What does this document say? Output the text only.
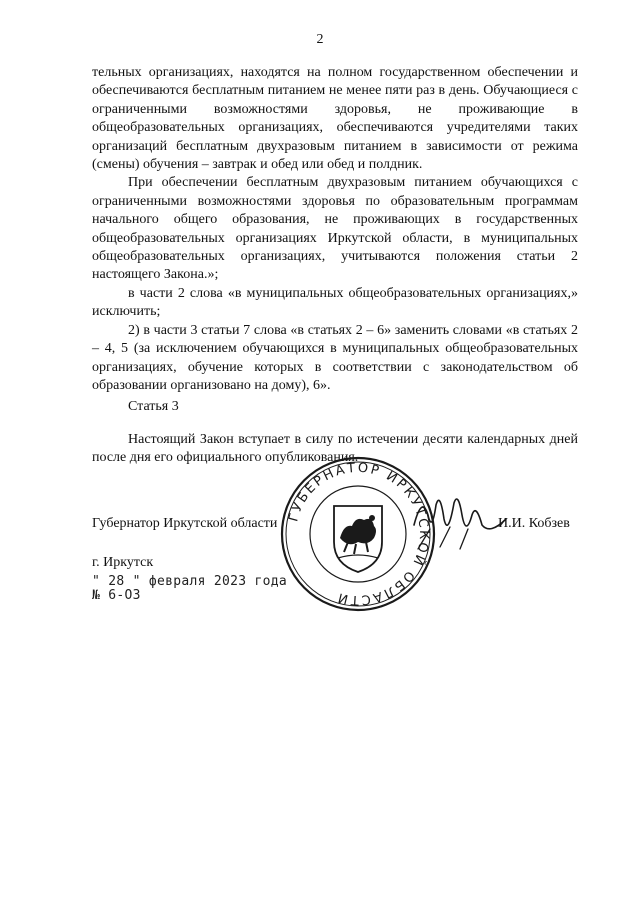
2

тельных организациях, находятся на полном государственном обеспечении и обеспечиваются бесплатным питанием не менее пяти раз в день. Обучающиеся с ограниченными возможностями здоровья, не проживающие в общеобразовательных организациях, обеспечиваются учредителями таких организаций бесплатным двухразовым питанием в зависимости от режима (смены) обучения – завтрак и обед или обед и полдник.

При обеспечении бесплатным двухразовым питанием обучающихся с ограниченными возможностями здоровья по образовательным программам начального общего образования, не проживающих в государственных общеобразовательных организациях Иркутской области, в муниципальных общеобразовательных организациях, учитываются положения статьи 2 настоящего Закона.»;

в части 2 слова «в муниципальных общеобразовательных организациях,» исключить;

2) в части 3 статьи 7 слова «в статьях 2 – 6» заменить словами «в статьях 2 – 4, 5 (за исключением обучающихся в муниципальных общеобразовательных организациях, обучение которых в соответствии с законодательством об образовании организовано на дому), 6».

Статья 3

Настоящий Закон вступает в силу по истечении десяти календарных дней после дня его официального опубликования.

ГУБЕРНАТОР ИРКУТСКОЙ ОБЛАСТИ
Губернатор Иркутской области	И.И. Кобзев
г. Иркутск
" 28 " февраля 2023 года
№ 6-ОЗ
